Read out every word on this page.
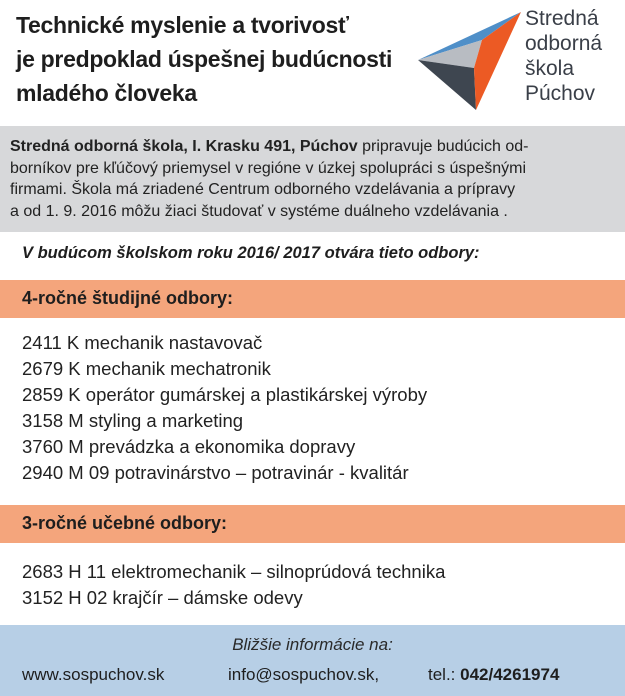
Technické myslenie a tvorivosť
je predpoklad úspešnej budúcnosti
mladého človeka
Stredná
odborná
škola
Púchov

Stredná odborná škola, I. Krasku 491, Púchov pripravuje budúcich od-
borníkov pre kľúčový priemysel v regióne v úzkej spolupráci s úspešnými
firmami. Škola má zriadené Centrum odborného vzdelávania a prípravy
a od 1. 9. 2016 môžu žiaci študovať v systéme duálneho vzdelávania .

V budúcom školskom roku 2016/ 2017 otvára tieto odbory:
4-ročné študijné odbory:
2411 K mechanik nastavovač
2679 K mechanik mechatronik
2859 K operátor gumárskej a plastikárskej výroby
3158 M styling a marketing
3760 M prevádzka a ekonomika dopravy
2940 M 09 potravinárstvo – potravinár - kvalitár
3-ročné učebné odbory:
2683 H 11 elektromechanik – silnoprúdová technika
3152 H 02 krajčír – dámske odevy
Bližšie informácie na:
www.sospuchov.sk	info@sospuchov.sk,	tel.: 042/4261974
